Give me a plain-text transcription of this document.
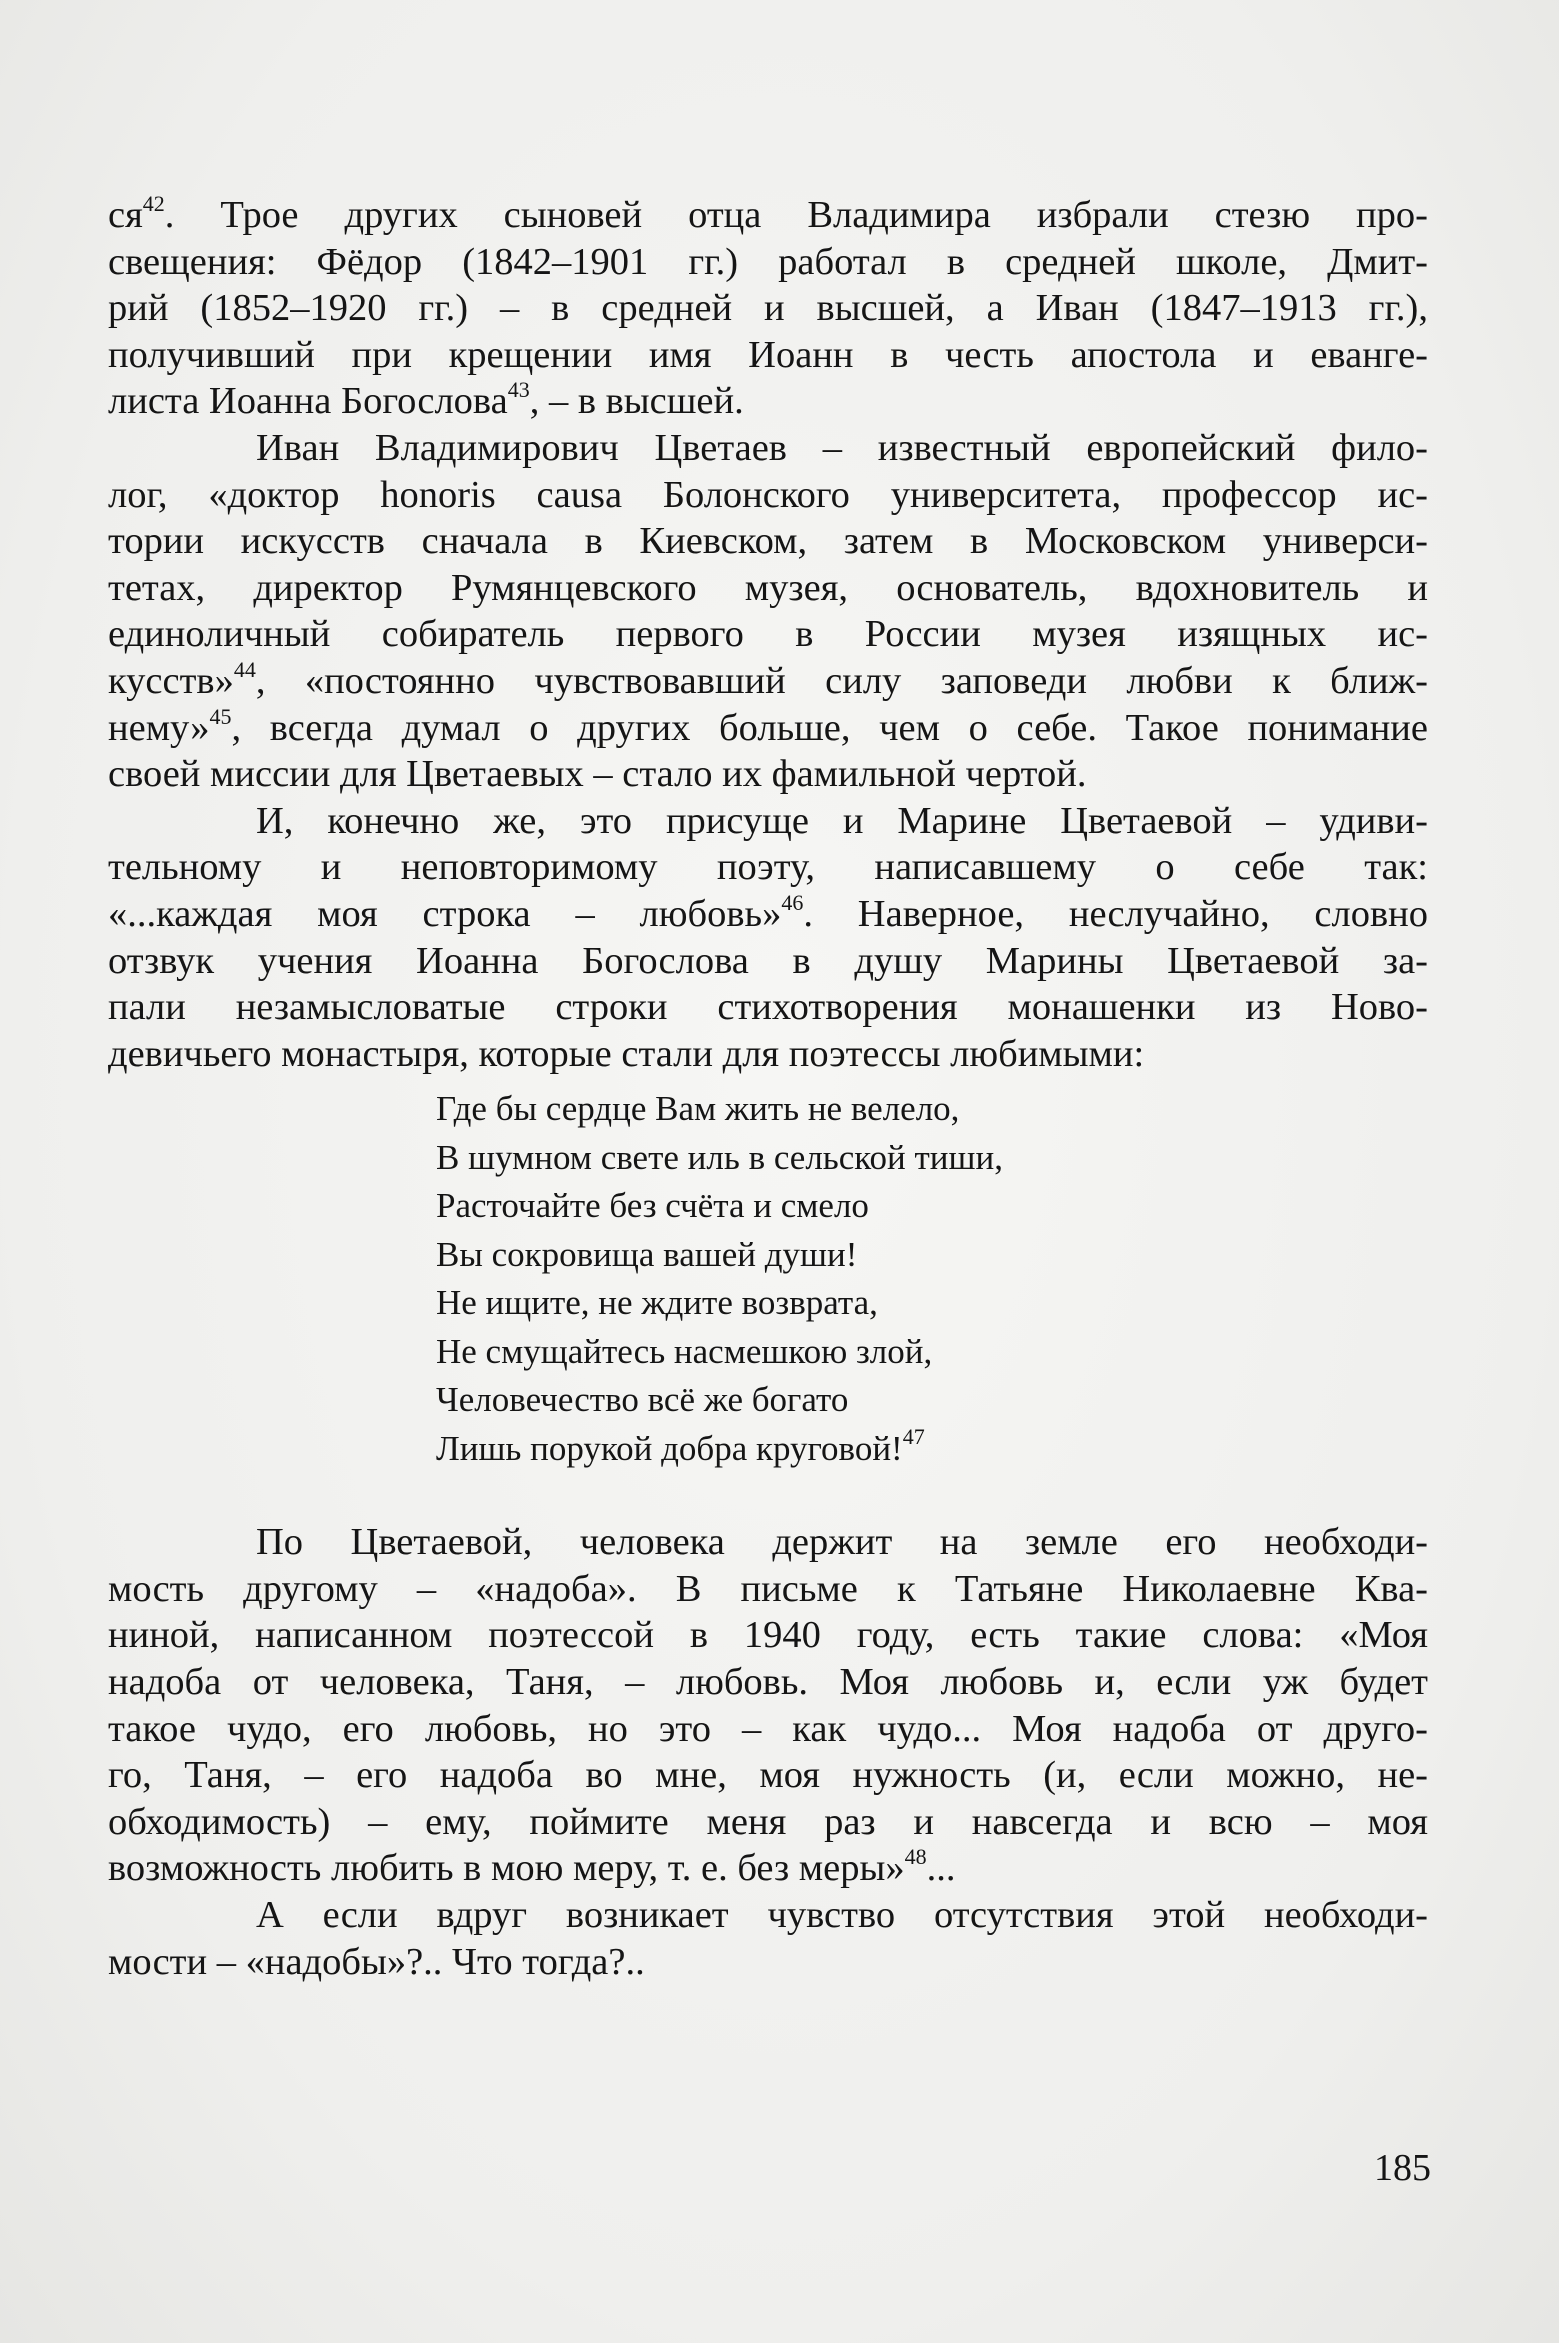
$ся^{42}$. Трое других сыновей отца Владимира избрали стезю про-
свещения: Фёдор (1842–1901 гг.) работал в средней школе, Дмит-
рий (1852–1920 гг.) – в средней и высшей, а Иван (1847–1913 гг.),
получивший при крещении имя Иоанн в честь апостола и еванге-
листа Иоанна Богослова$^{43}$, – в высшей.
Иван Владимирович Цветаев – известный европейский фило-
лог, «доктор honoris causa Болонского университета, профессор ис-
тории искусств сначала в Киевском, затем в Московском универси-
тетах, директор Румянцевского музея, основатель, вдохновитель и
единоличный собиратель первого в России музея изящных ис-
кусств»$^{44}$, «постоянно чувствовавший силу заповеди любви к ближ-
нему»$^{45}$, всегда думал о других больше, чем о себе. Такое понимание
своей миссии для Цветаевых – стало их фамильной чертой.
И, конечно же, это присуще и Марине Цветаевой – удиви-
тельному и неповторимому поэту, написавшему о себе так:
«...каждая моя строка – любовь»$^{46}$. Наверное, неслучайно, словно
отзвук учения Иоанна Богослова в душу Марины Цветаевой за-
пали незамысловатые строки стихотворения монашенки из Ново-
девичьего монастыря, которые стали для поэтессы любимыми:
Где бы сердце Вам жить не велело,
В шумном свете иль в сельской тиши,
Расточайте без счёта и смело
Вы сокровища вашей души!
Не ищите, не ждите возврата,
Не смущайтесь насмешкою злой,
Человечество всё же богато
Лишь порукой добра круговой!$^{47}$
По Цветаевой, человека держит на земле его необходи-
мость другому – «надоба». В письме к Татьяне Николаевне Ква-
ниной, написанном поэтессой в 1940 году, есть такие слова: «Моя
надоба от человека, Таня, – любовь. Моя любовь и, если уж будет
такое чудо, его любовь, но это – как чудо... Моя надоба от друго-
го, Таня, – его надоба во мне, моя нужность (и, если можно, не-
обходимость) – ему, поймите меня раз и навсегда и всю – моя
возможность любить в мою меру, т. е. без меры»$^{48}$...
А если вдруг возникает чувство отсутствия этой необходи-
мости – «надобы»?.. Что тогда?..
185
